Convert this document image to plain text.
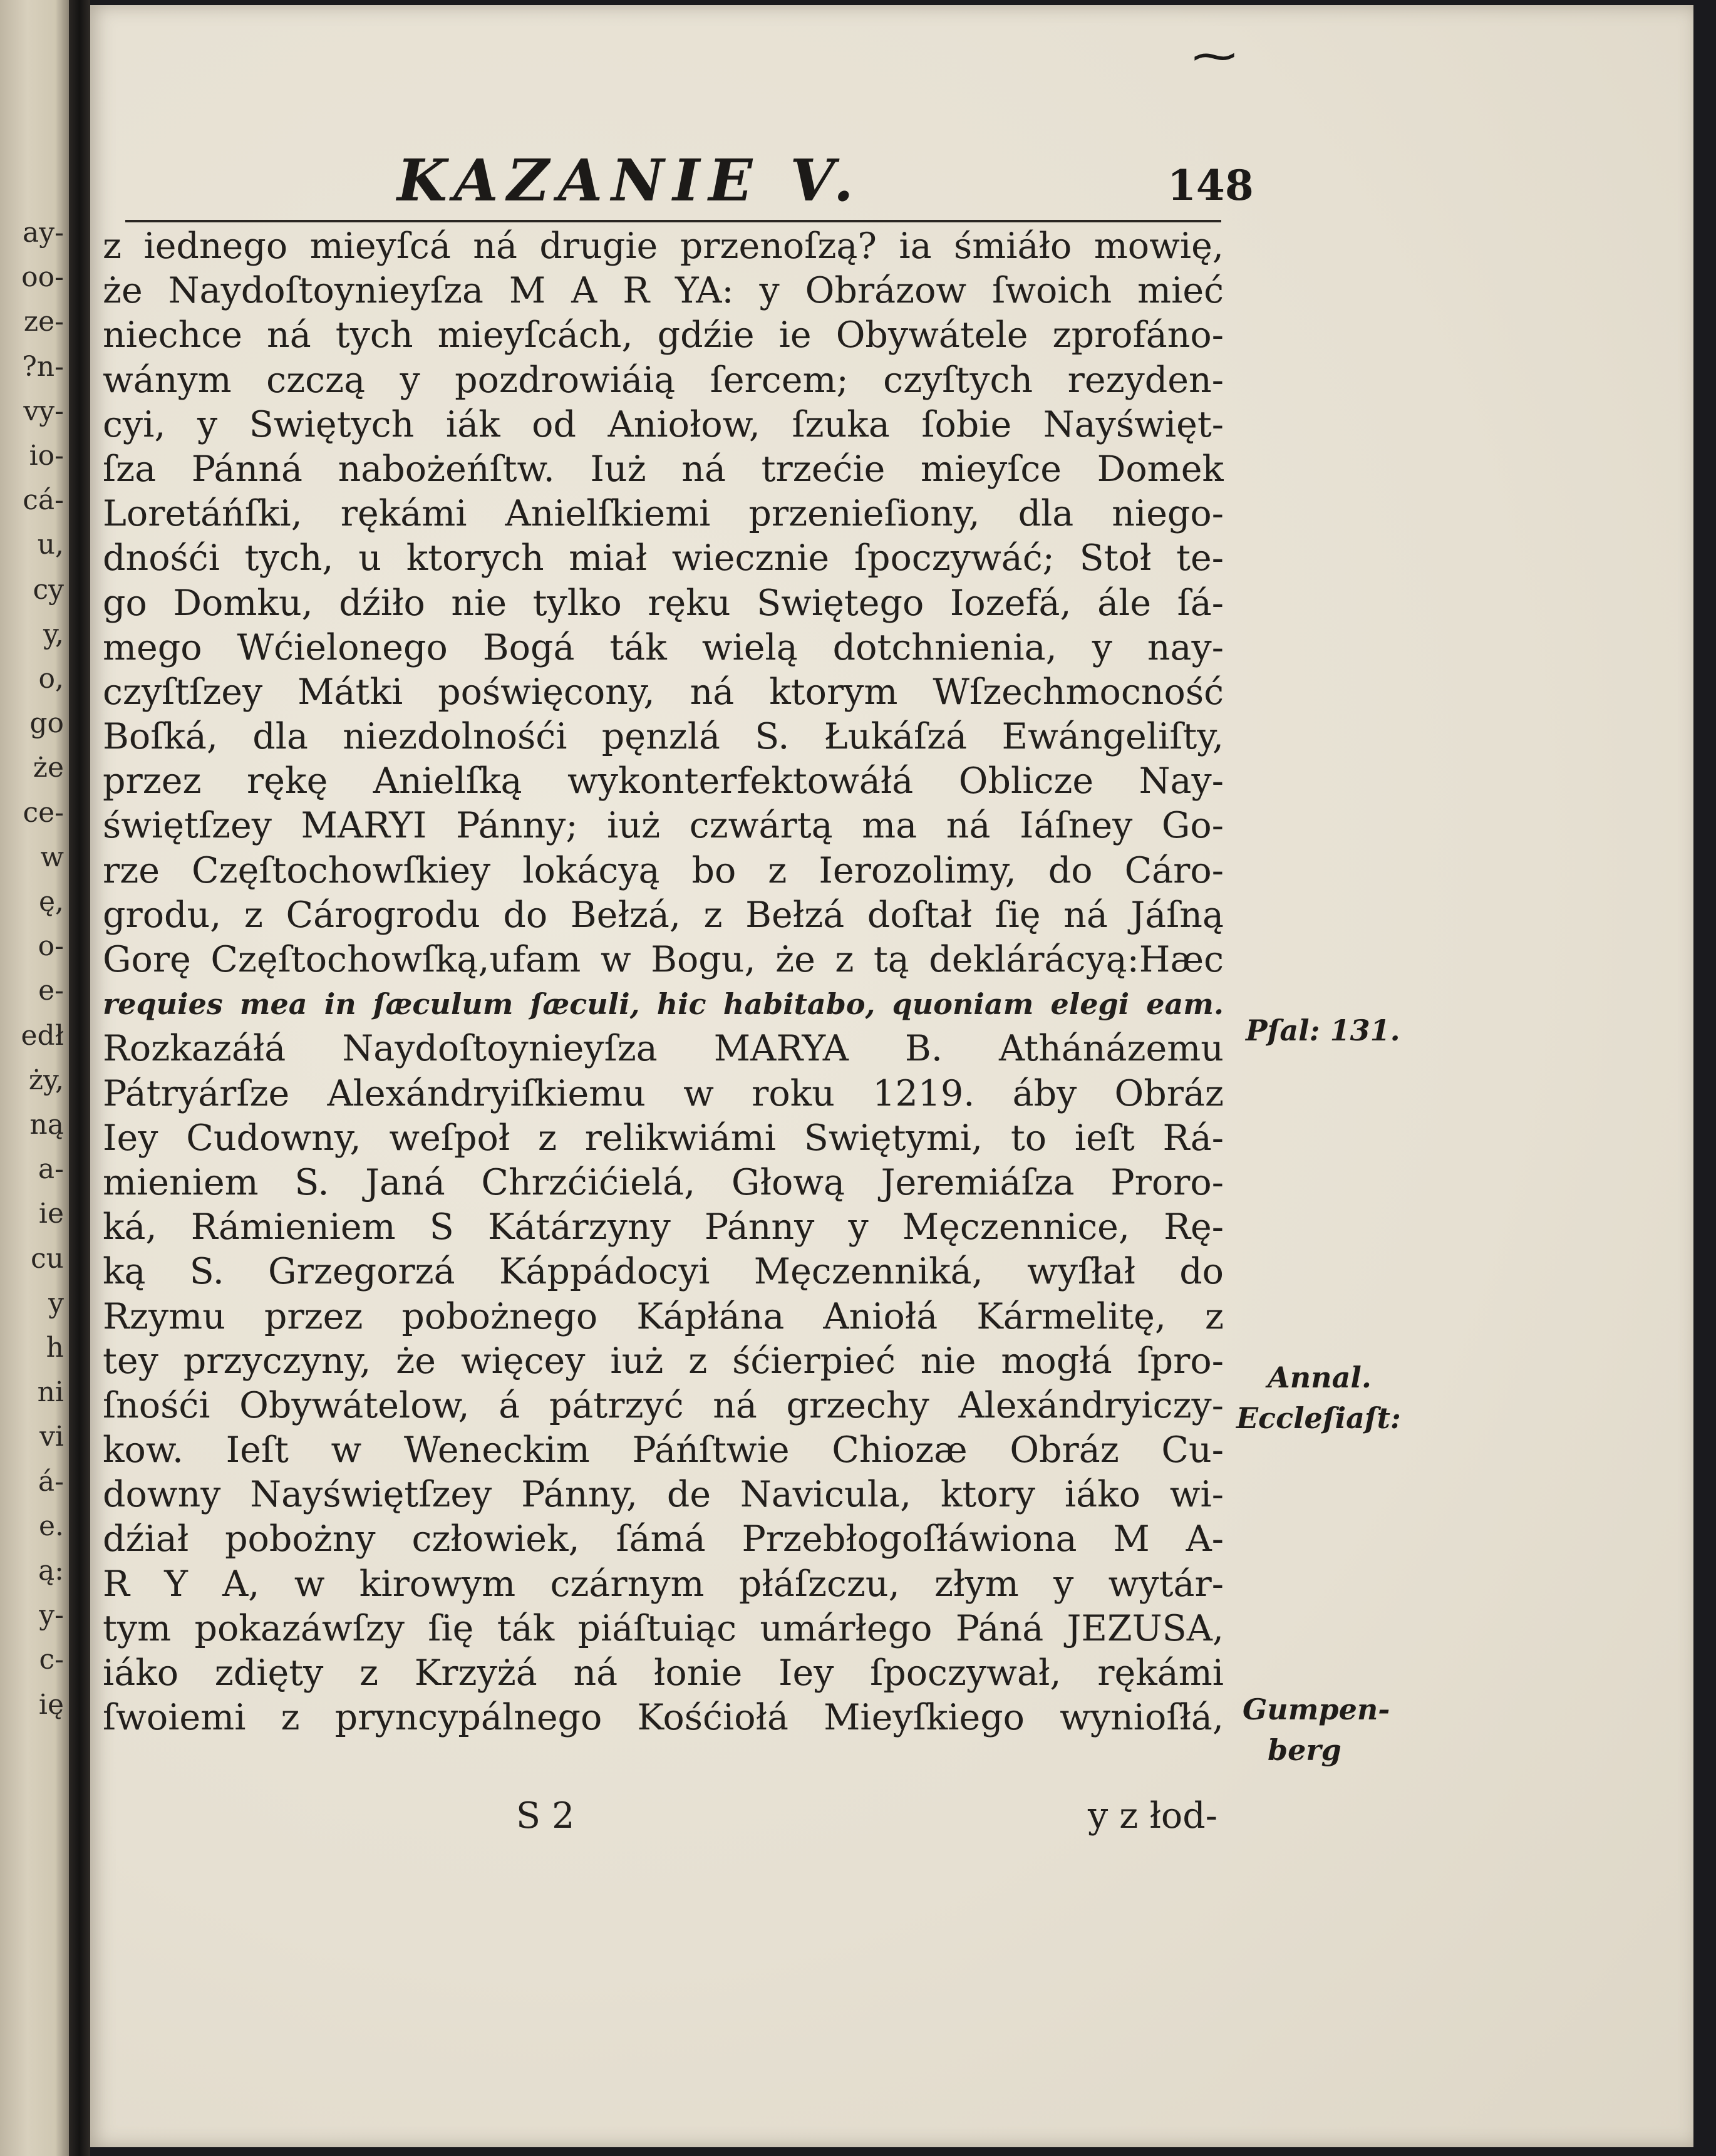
ay-
oo-
ze-
?n-
vy-
io-
cá-
u,
cy
y,
o,
go
że
ce-
w
ę,
o-
e-
edł
ży,
ną
a-
ie
cu
y
h
ni
vi
á-
e.
ą:
y-
c-
ię
⁓
KAZANIE V.	148
z iednego mieyſcá ná drugie przenoſzą? ia śmiáło mowię,
że Naydoſtoynieyſza M A R YA: y Obrázow ſwoich mieć
niechce ná tych mieyſcách, gdźie ie Obywátele zprofáno-
wánym czczą y pozdrowiáią ſercem; czyſtych rezyden-
cyi, y Swiętych iák od Aniołow, ſzuka ſobie Nayświęt-
ſza Pánná nabożeńſtw. Iuż ná trzećie mieyſce Domek
Loretáńſki, rękámi Anielſkiemi przenieſiony, dla niego-
dnośći tych, u ktorych miał wiecznie ſpoczywáć; Stoł te-
go Domku, dźiło nie tylko ręku Swiętego Iozefá, ále ſá-
mego Wćielonego Bogá ták wielą dotchnienia, y nay-
czyſtſzey Mátki poświęcony, ná ktorym Wſzechmocność
Boſká, dla niezdolnośći pęnzlá S. Łukáſzá Ewángeliſty,
przez rękę Anielſką wykonterfektowáłá Oblicze Nay-
świętſzey MARYI Pánny; iuż czwártą ma ná Iáſney Go-
rze Częſtochowſkiey lokácyą bo z Ierozolimy, do Cáro-
grodu, z Cárogrodu do Bełzá, z Bełzá doſtał ſię ná Jáſną
Gorę Częſtochowſką,ufam w Bogu, że z tą deklárácyą:Hæc
requies mea in ſæculum ſæculi, hic habitabo, quoniam elegi eam.
Rozkazáłá Naydoſtoynieyſza MARYA B. Athánázemu
Pátryárſze Alexándryiſkiemu w roku 1219. áby Obráz
Iey Cudowny, weſpoł z relikwiámi Swiętymi, to ieſt Rá-
mieniem S. Janá Chrzćićielá, Głową Jeremiáſza Proro-
ká, Rámieniem S Kátárzyny Pánny y Męczennice, Rę-
ką S. Grzegorzá Káppádocyi Męczenniká, wyſłał do
Rzymu przez pobożnego Kápłána Aniołá Kármelitę, z
tey przyczyny, że więcey iuż z śćierpieć nie mogłá ſpro-
ſnośći Obywátelow, á pátrzyć ná grzechy Alexándryiczy-
kow. Ieſt w Weneckim Páńſtwie Chiozæ Obráz Cu-
downy Nayświętſzey Pánny, de Navicula, ktory iáko wi-
dźiał pobożny człowiek, ſámá Przebłogoſłáwiona M A-
R Y A, w kirowym czárnym płáſzczu, złym y wytár-
tym pokazáwſzy ſię ták piáſtuiąc umárłego Páná JEZUSA,
iáko zdięty z Krzyżá ná łonie Iey ſpoczywał, rękámi
ſwoiemi z pryncypálnego Kośćiołá Mieyſkiego wynioſłá,
S 2	y z łod-
Pſal: 131.
Annal.
Eccleſiaſt:
Gumpen-
berg
